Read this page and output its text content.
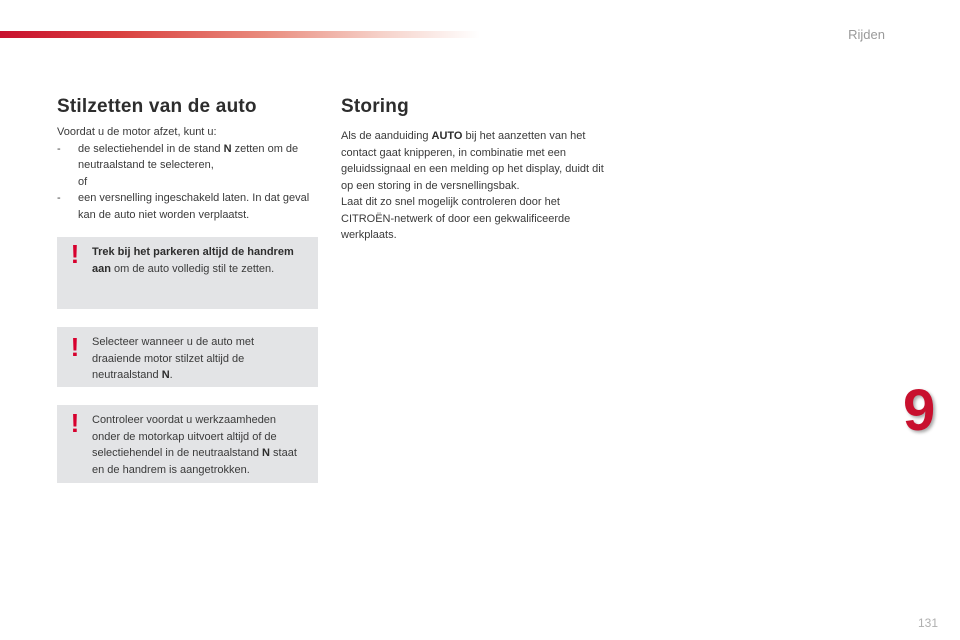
Rijden
9
Stilzetten van de auto
Voordat u de motor afzet, kunt u:
-	de selectiehendel in de stand N zetten om de neutraalstand te selecteren,
of
-	een versnelling ingeschakeld laten. In dat geval kan de auto niet worden verplaatst.
!	Trek bij het parkeren altijd de handrem aan om de auto volledig stil te zetten.
!	Selecteer wanneer u de auto met draaiende motor stilzet altijd de neutraalstand N.
!	Controleer voordat u werkzaamheden onder de motorkap uitvoert altijd of de selectiehendel in de neutraalstand N staat en de handrem is aangetrokken.
Storing
Als de aanduiding AUTO bij het aanzetten van het contact gaat knipperen, in combinatie met een geluidssignaal en een melding op het display, duidt dit op een storing in de versnellingsbak.
Laat dit zo snel mogelijk controleren door het CITROËN-netwerk of door een gekwalificeerde werkplaats.
131
